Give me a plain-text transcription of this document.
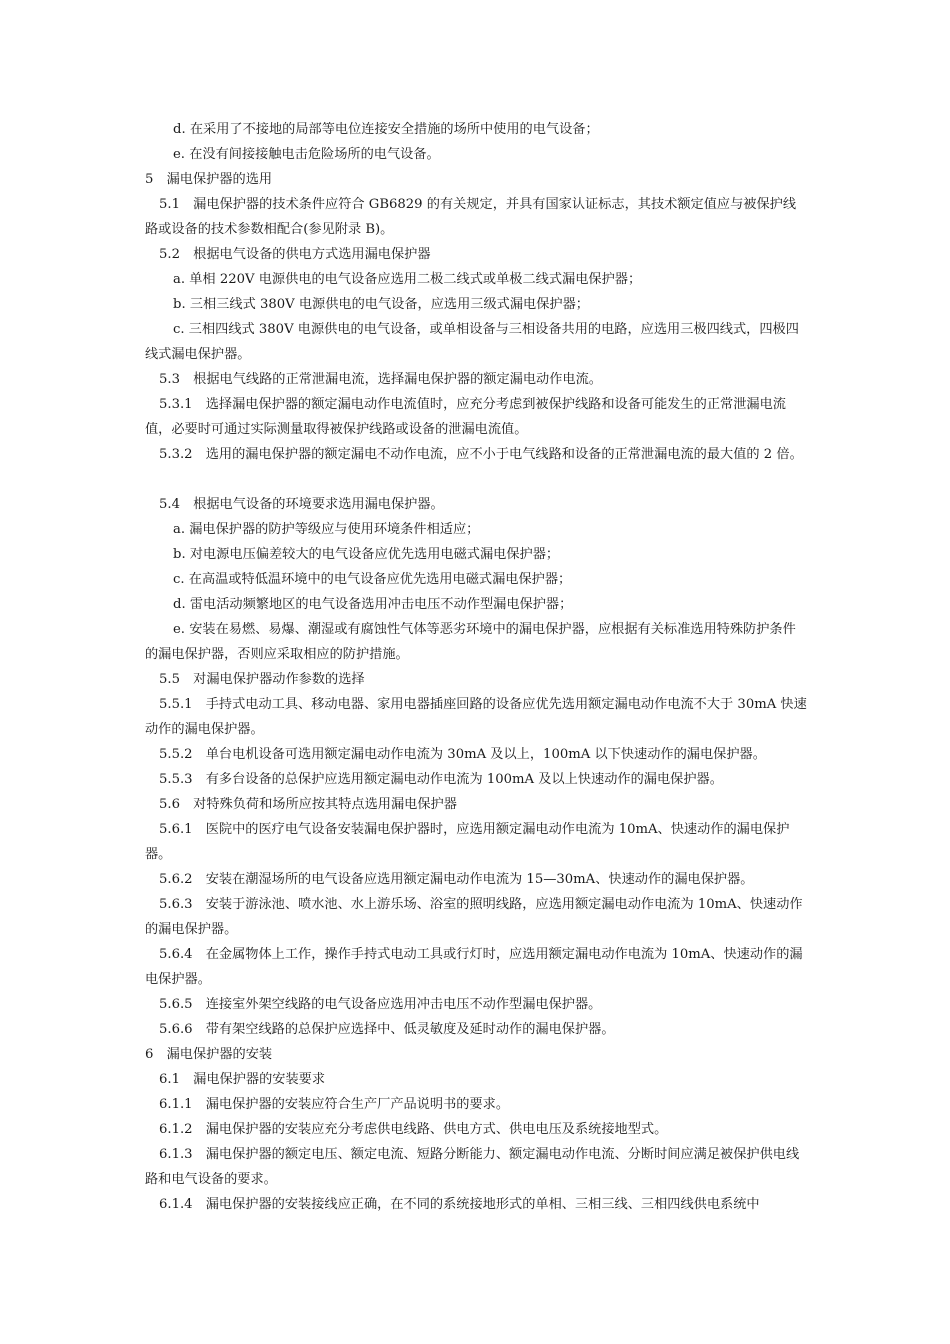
d. 在采用了不接地的局部等电位连接安全措施的场所中使用的电气设备；
e. 在没有间接接触电击危险场所的电气设备。
5　漏电保护器的选用
5.1　漏电保护器的技术条件应符合 GB6829 的有关规定，并具有国家认证标志，其技术额定值应与被保护线路或设备的技术参数相配合(参见附录 B)。
5.2　根据电气设备的供电方式选用漏电保护器
a. 单相 220V 电源供电的电气设备应选用二极二线式或单极二线式漏电保护器；
b. 三相三线式 380V 电源供电的电气设备，应选用三级式漏电保护器；
c. 三相四线式 380V 电源供电的电气设备，或单相设备与三相设备共用的电路，应选用三极四线式，四极四线式漏电保护器。
5.3　根据电气线路的正常泄漏电流，选择漏电保护器的额定漏电动作电流。
5.3.1　选择漏电保护器的额定漏电动作电流值时，应充分考虑到被保护线路和设备可能发生的正常泄漏电流值，必要时可通过实际测量取得被保护线路或设备的泄漏电流值。
5.3.2　选用的漏电保护器的额定漏电不动作电流，应不小于电气线路和设备的正常泄漏电流的最大值的 2 倍。
5.4　根据电气设备的环境要求选用漏电保护器。
a. 漏电保护器的防护等级应与使用环境条件相适应；
b. 对电源电压偏差较大的电气设备应优先选用电磁式漏电保护器；
c. 在高温或特低温环境中的电气设备应优先选用电磁式漏电保护器；
d. 雷电活动频繁地区的电气设备选用冲击电压不动作型漏电保护器；
e. 安装在易燃、易爆、潮湿或有腐蚀性气体等恶劣环境中的漏电保护器，应根据有关标准选用特殊防护条件的漏电保护器，否则应采取相应的防护措施。
5.5　对漏电保护器动作参数的选择
5.5.1　手持式电动工具、移动电器、家用电器插座回路的设备应优先选用额定漏电动作电流不大于 30mA 快速动作的漏电保护器。
5.5.2　单台电机设备可选用额定漏电动作电流为 30mA 及以上，100mA 以下快速动作的漏电保护器。
5.5.3　有多台设备的总保护应选用额定漏电动作电流为 100mA 及以上快速动作的漏电保护器。
5.6　对特殊负荷和场所应按其特点选用漏电保护器
5.6.1　医院中的医疗电气设备安装漏电保护器时，应选用额定漏电动作电流为 10mA、快速动作的漏电保护器。
5.6.2　安装在潮湿场所的电气设备应选用额定漏电动作电流为 15—30mA、快速动作的漏电保护器。
5.6.3　安装于游泳池、喷水池、水上游乐场、浴室的照明线路，应选用额定漏电动作电流为 10mA、快速动作的漏电保护器。
5.6.4　在金属物体上工作，操作手持式电动工具或行灯时，应选用额定漏电动作电流为 10mA、快速动作的漏电保护器。
5.6.5　连接室外架空线路的电气设备应选用冲击电压不动作型漏电保护器。
5.6.6　带有架空线路的总保护应选择中、低灵敏度及延时动作的漏电保护器。
6　漏电保护器的安装
6.1　漏电保护器的安装要求
6.1.1　漏电保护器的安装应符合生产厂产品说明书的要求。
6.1.2　漏电保护器的安装应充分考虑供电线路、供电方式、供电电压及系统接地型式。
6.1.3　漏电保护器的额定电压、额定电流、短路分断能力、额定漏电动作电流、分断时间应满足被保护供电线路和电气设备的要求。
6.1.4　漏电保护器的安装接线应正确，在不同的系统接地形式的单相、三相三线、三相四线供电系统中
